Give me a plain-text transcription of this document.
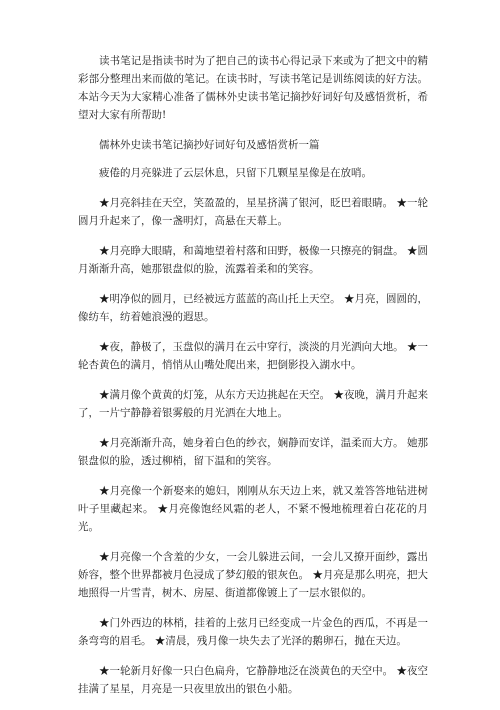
读书笔记是指读书时为了把自己的读书心得记录下来或为了把文中的精彩部分整理出来而做的笔记。在读书时，写读书笔记是训练阅读的好方法。本站今天为大家精心准备了儒林外史读书笔记摘抄好词好句及感悟赏析，希望对大家有所帮助!

儒林外史读书笔记摘抄好词好句及感悟赏析一篇

疲倦的月亮躲进了云层休息，只留下几颗星星像是在放哨。

★月亮斜挂在天空，笑盈盈的，星星挤满了银河，眨巴着眼睛。 ★一轮圆月升起来了，像一盏明灯，高悬在天幕上。

★月亮睁大眼睛，和蔼地望着村落和田野，极像一只擦亮的铜盘。 ★圆月渐渐升高，她那银盘似的脸，流露着柔和的笑容。

★明净似的圆月，已经被远方蓝蓝的高山托上天空。 ★月亮，圆圆的，像纺车，纺着她浪漫的遐思。

★夜，静极了，玉盘似的满月在云中穿行，淡淡的月光洒向大地。 ★一轮杏黄色的满月，悄悄从山嘴处爬出来，把倒影投入湖水中。

★满月像个黄黄的灯笼，从东方天边挑起在天空。 ★夜晚，满月升起来了，一片宁静静着银雾般的月光洒在大地上。

★月亮渐渐升高，她身着白色的纱衣，娴静而安详，温柔而大方。 她那银盘似的脸，透过柳梢，留下温和的笑容。

★月亮像一个新娶来的媳妇，刚刚从东天边上来，就又羞答答地钻进树叶子里藏起来。 ★月亮像饱经风霜的老人，不紧不慢地梳理着白花花的月光。

★月亮像一个含羞的少女，一会儿躲进云间，一会儿又撩开面纱，露出娇容，整个世界都被月色浸成了梦幻般的银灰色。 ★月亮是那么明亮，把大地照得一片雪青，树木、房屋、街道都像镀上了一层水银似的。

★门外西边的林梢，挂着的上弦月已经变成一片金色的西瓜，不再是一条弯弯的眉毛。 ★清晨，残月像一块失去了光泽的鹅卵石，抛在天边。

★一轮新月好像一只白色扁舟，它静静地泛在淡黄色的天空中。 ★夜空挂满了星星，月亮是一只夜里放出的银色小船。
